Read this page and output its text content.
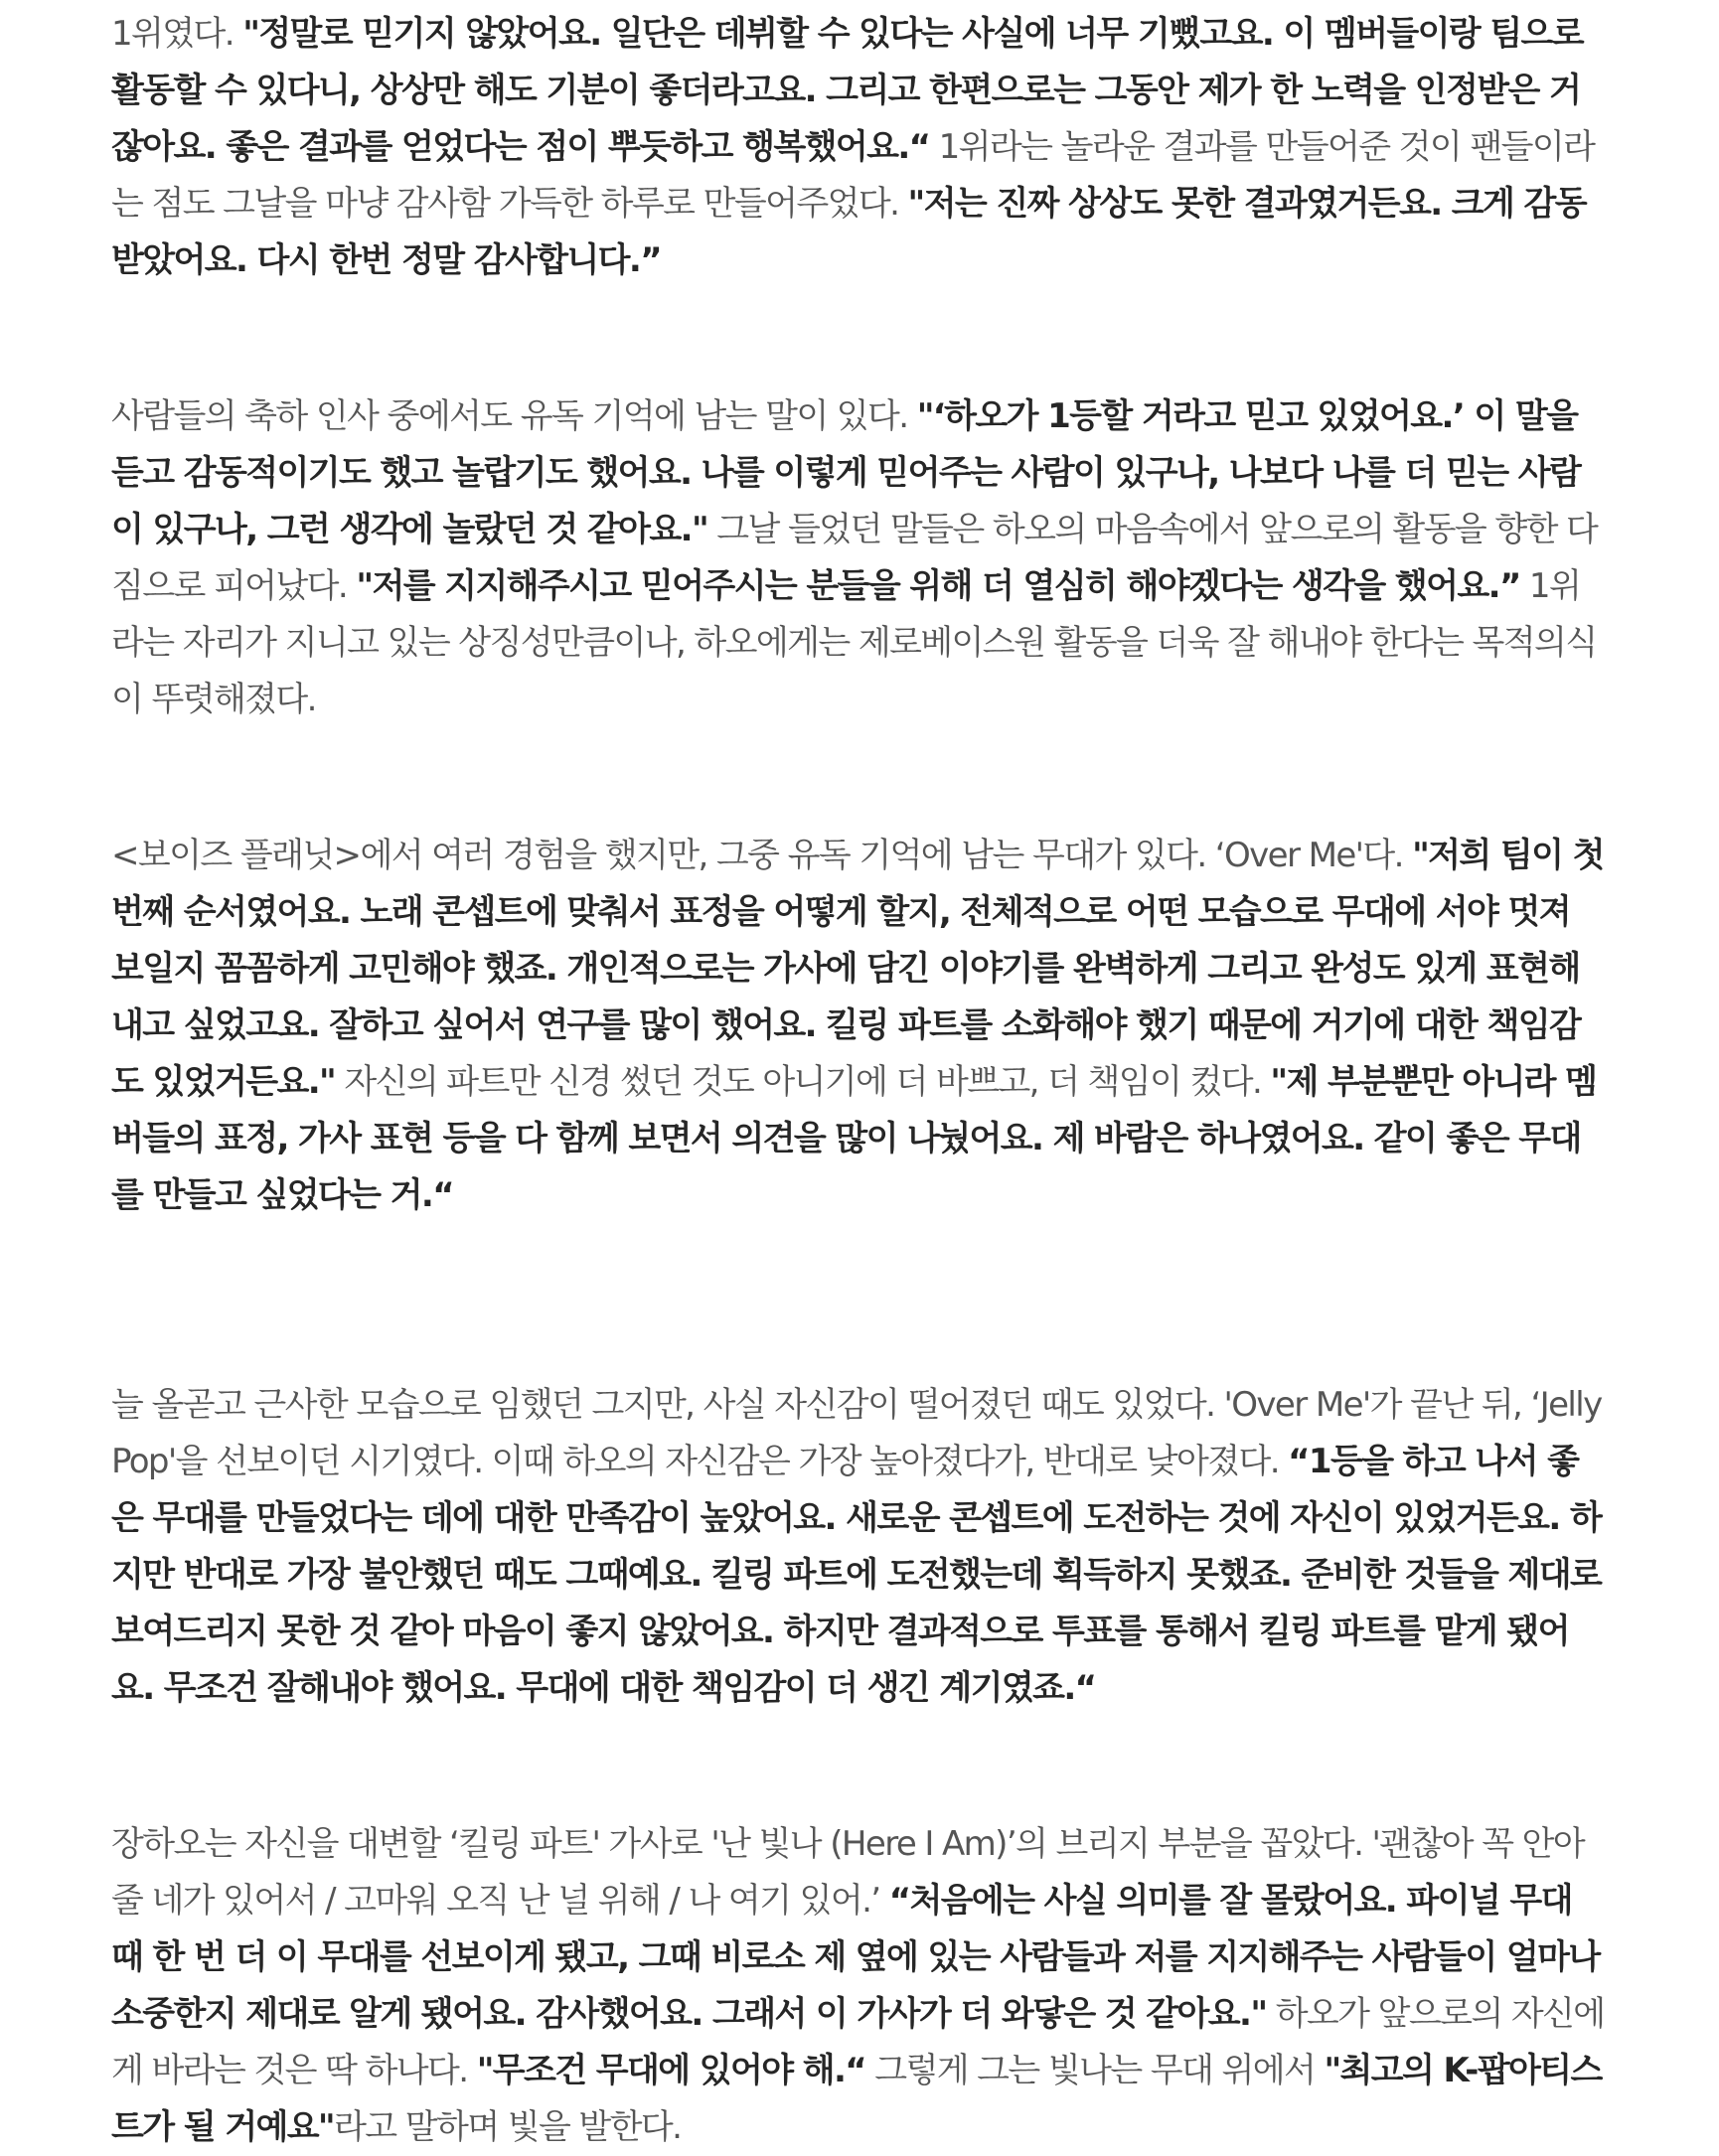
1위였다. "정말로 믿기지 않았어요. 일단은 데뷔할 수 있다는 사실에 너무 기뻤고요. 이 멤버들이랑 팀으로 활동할 수 있다니, 상상만 해도 기분이 좋더라고요. 그리고 한편으로는 그동안 제가 한 노력을 인정받은 거잖아요. 좋은 결과를 얻었다는 점이 뿌듯하고 행복했어요.“ 1위라는 놀라운 결과를 만들어준 것이 팬들이라는 점도 그날을 마냥 감사함 가득한 하루로 만들어주었다. "저는 진짜 상상도 못한 결과였거든요. 크게 감동받았어요. 다시 한번 정말 감사합니다.”

사람들의 축하 인사 중에서도 유독 기억에 남는 말이 있다. "‘하오가 1등할 거라고 믿고 있었어요.’ 이 말을 듣고 감동적이기도 했고 놀랍기도 했어요. 나를 이렇게 믿어주는 사람이 있구나, 나보다 나를 더 믿는 사람이 있구나, 그런 생각에 놀랐던 것 같아요." 그날 들었던 말들은 하오의 마음속에서 앞으로의 활동을 향한 다짐으로 피어났다. "저를 지지해주시고 믿어주시는 분들을 위해 더 열심히 해야겠다는 생각을 했어요.” 1위라는 자리가 지니고 있는 상징성만큼이나, 하오에게는 제로베이스원 활동을 더욱 잘 해내야 한다는 목적의식이 뚜렷해졌다.

<보이즈 플래닛>에서 여러 경험을 했지만, 그중 유독 기억에 남는 무대가 있다. ‘Over Me'다. "저희 팀이 첫 번째 순서였어요. 노래 콘셉트에 맞춰서 표정을 어떻게 할지, 전체적으로 어떤 모습으로 무대에 서야 멋져 보일지 꼼꼼하게 고민해야 했죠. 개인적으로는 가사에 담긴 이야기를 완벽하게 그리고 완성도 있게 표현해내고 싶었고요. 잘하고 싶어서 연구를 많이 했어요. 킬링 파트를 소화해야 했기 때문에 거기에 대한 책임감도 있었거든요." 자신의 파트만 신경 썼던 것도 아니기에 더 바쁘고, 더 책임이 컸다. "제 부분뿐만 아니라 멤버들의 표정, 가사 표현 등을 다 함께 보면서 의견을 많이 나눴어요. 제 바람은 하나였어요. 같이 좋은 무대를 만들고 싶었다는 거.“

늘 올곧고 근사한 모습으로 임했던 그지만, 사실 자신감이 떨어졌던 때도 있었다. 'Over Me'가 끝난 뒤, ‘Jelly Pop'을 선보이던 시기였다. 이때 하오의 자신감은 가장 높아졌다가, 반대로 낮아졌다. “1등을 하고 나서 좋은 무대를 만들었다는 데에 대한 만족감이 높았어요. 새로운 콘셉트에 도전하는 것에 자신이 있었거든요. 하지만 반대로 가장 불안했던 때도 그때예요. 킬링 파트에 도전했는데 획득하지 못했죠. 준비한 것들을 제대로 보여드리지 못한 것 같아 마음이 좋지 않았어요. 하지만 결과적으로 투표를 통해서 킬링 파트를 맡게 됐어요. 무조건 잘해내야 했어요. 무대에 대한 책임감이 더 생긴 계기였죠.“

장하오는 자신을 대변할 ‘킬링 파트' 가사로 '난 빛나 (Here I Am)’의 브리지 부분을 꼽았다. '괜찮아 꼭 안아줄 네가 있어서 / 고마워 오직 난 널 위해 / 나 여기 있어.’ “처음에는 사실 의미를 잘 몰랐어요. 파이널 무대 때 한 번 더 이 무대를 선보이게 됐고, 그때 비로소 제 옆에 있는 사람들과 저를 지지해주는 사람들이 얼마나 소중한지 제대로 알게 됐어요. 감사했어요. 그래서 이 가사가 더 와닿은 것 같아요." 하오가 앞으로의 자신에게 바라는 것은 딱 하나다. "무조건 무대에 있어야 해.“ 그렇게 그는 빛나는 무대 위에서 "최고의 K-팝아티스트가 될 거예요"라고 말하며 빛을 발한다.
